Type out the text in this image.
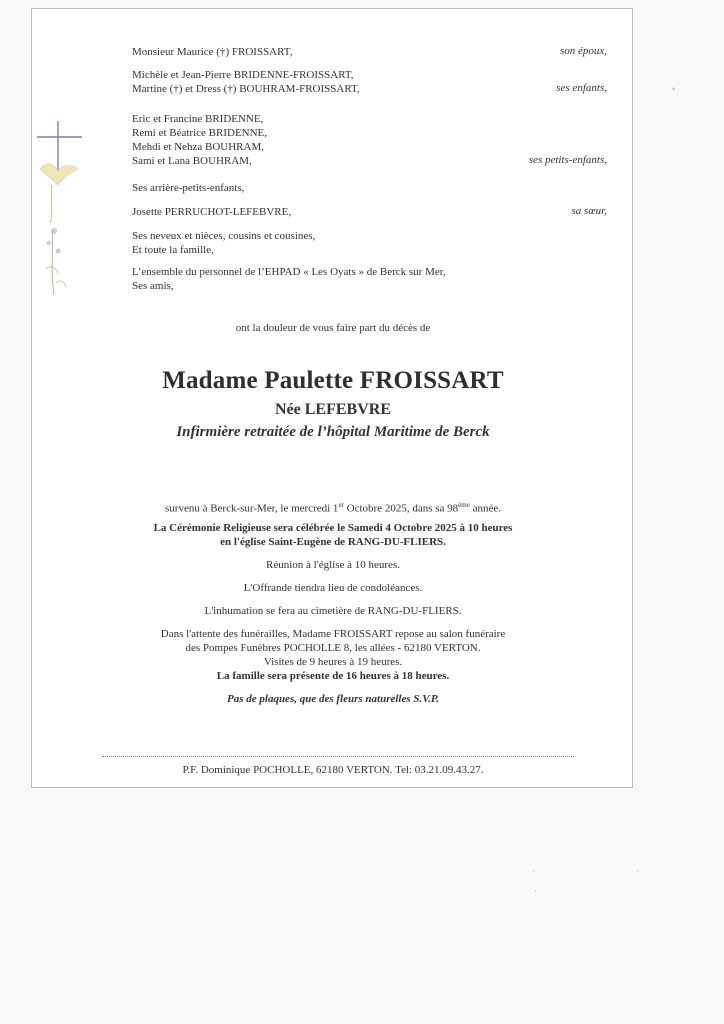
Monsieur Maurice (†) FROISSART,	son époux,
Michèle et Jean-Pierre BRIDENNE-FROISSART,
Martine (†) et Dress (†) BOUHRAM-FROISSART,	ses enfants,
Eric et Francine BRIDENNE,
Remi et Béatrice BRIDENNE,
Mehdi et Nehza BOUHRAM,
Sami et Lana BOUHRAM,	ses petits-enfants,
Ses arrière-petits-enfants,
Josette PERRUCHOT-LEFEBVRE,	sa sœur,
Ses neveux et nièces, cousins et cousines,
Et toute la famille,
L’ensemble du personnel de l’EHPAD « Les Oyats » de Berck sur Mer,
Ses amis,
ont la douleur de vous faire part du décès de
Madame Paulette FROISSART
Née LEFEBVRE
Infirmière retraitée de l’hôpital Maritime de Berck
survenu à Berck-sur-Mer, le mercredi 1er Octobre 2025, dans sa 98ème année.
La Cérémonie Religieuse sera célébrée le Samedi 4 Octobre 2025 à 10 heures
en l'église Saint-Eugène de RANG-DU-FLIERS.
Réunion à l'église à 10 heures.
L'Offrande tiendra lieu de condoléances.
L'inhumation se fera au cimetière de RANG-DU-FLIERS.
Dans l'attente des funérailles, Madame FROISSART repose au salon funéraire
des Pompes Funèbres POCHOLLE 8, les allées - 62180 VERTON.
Visites de 9 heures à 19 heures.
La famille sera présente de 16 heures à 18 heures.
Pas de plaques, que des fleurs naturelles S.V.P.
P.F. Dominique POCHOLLE, 62180 VERTON. Tel: 03.21.09.43.27.
•
·	·
·
